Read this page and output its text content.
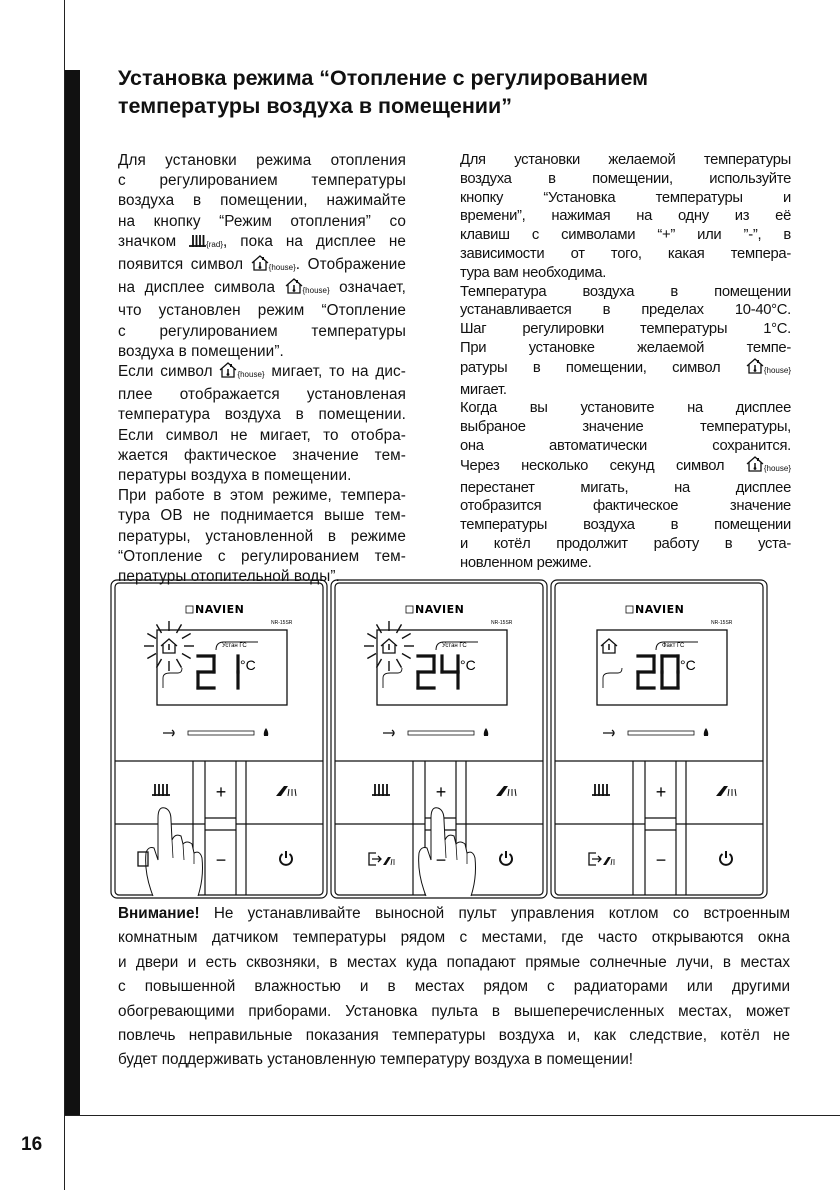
16
Установка режима “Отопление с регулированием
температуры воздуха в помещении”
Для установки режима отопления
с регулированием температуры
воздуха в помещении, нажимайте
на кнопку “Режим отопления” со
значком {rad}, пока на дисплее не
появится символ {house}. Отображение
на дисплее символа {house} означает,
что установлен режим “Отопление
с регулированием температуры
воздуха в помещении”.
Если символ {house} мигает, то на дис-
плее отображается установленая
температура воздуха в помещении.
Если символ не мигает, то отобра-
жается фактическое значение тем-
пературы воздуха в помещении.
При работе в этом режиме, темпера-
тура ОВ не поднимается выше тем-
пературы, установленной в режиме
“Отопление с регулированием тем-
пературы отопительной воды”.
Для установки желаемой температуры
воздуха в помещении, используйте
кнопку “Установка температуры и
времени”, нажимая на одну из её
клавиш с символами “+” или ”-”, в
зависимости от того, какая темпера-
тура вам необходима.
Температура воздуха в помещении
устанавливается в пределах 10-40°C.
Шаг регулировки температуры 1°C.
При установке желаемой темпе-
ратуры в помещении, символ {house}
мигает.
Когда вы установите на дисплее
выбраное значение температуры,
она автоматически сохранится.
Через несколько секунд символ {house}
перестанет мигать, на дисплее
отобразится фактическое значение
температуры воздуха в помещении
и котёл продолжит работу в уста-
новленном режиме.
NAVIEN
NR-15SR
Устан ГС
°C
+
−
NAVIEN
NR-15SR
Устан ГС
°C
+
−
NAVIEN
NR-15SR
Факт ГС
°C
+
−
Внимание! Не устанавливайте выносной пульт управления котлом со встроенным
комнатным датчиком температуры рядом с местами, где часто открываются окна
и двери и есть сквозняки, в местах куда попадают прямые солнечные лучи, в местах
с повышенной влажностью и в местах рядом с радиаторами или другими
обогревающими приборами. Установка пульта в вышеперечисленных местах, может
повлечь неправильные показания температуры воздуха и, как следствие, котёл не
будет поддерживать установленную температуру воздуха в помещении!
